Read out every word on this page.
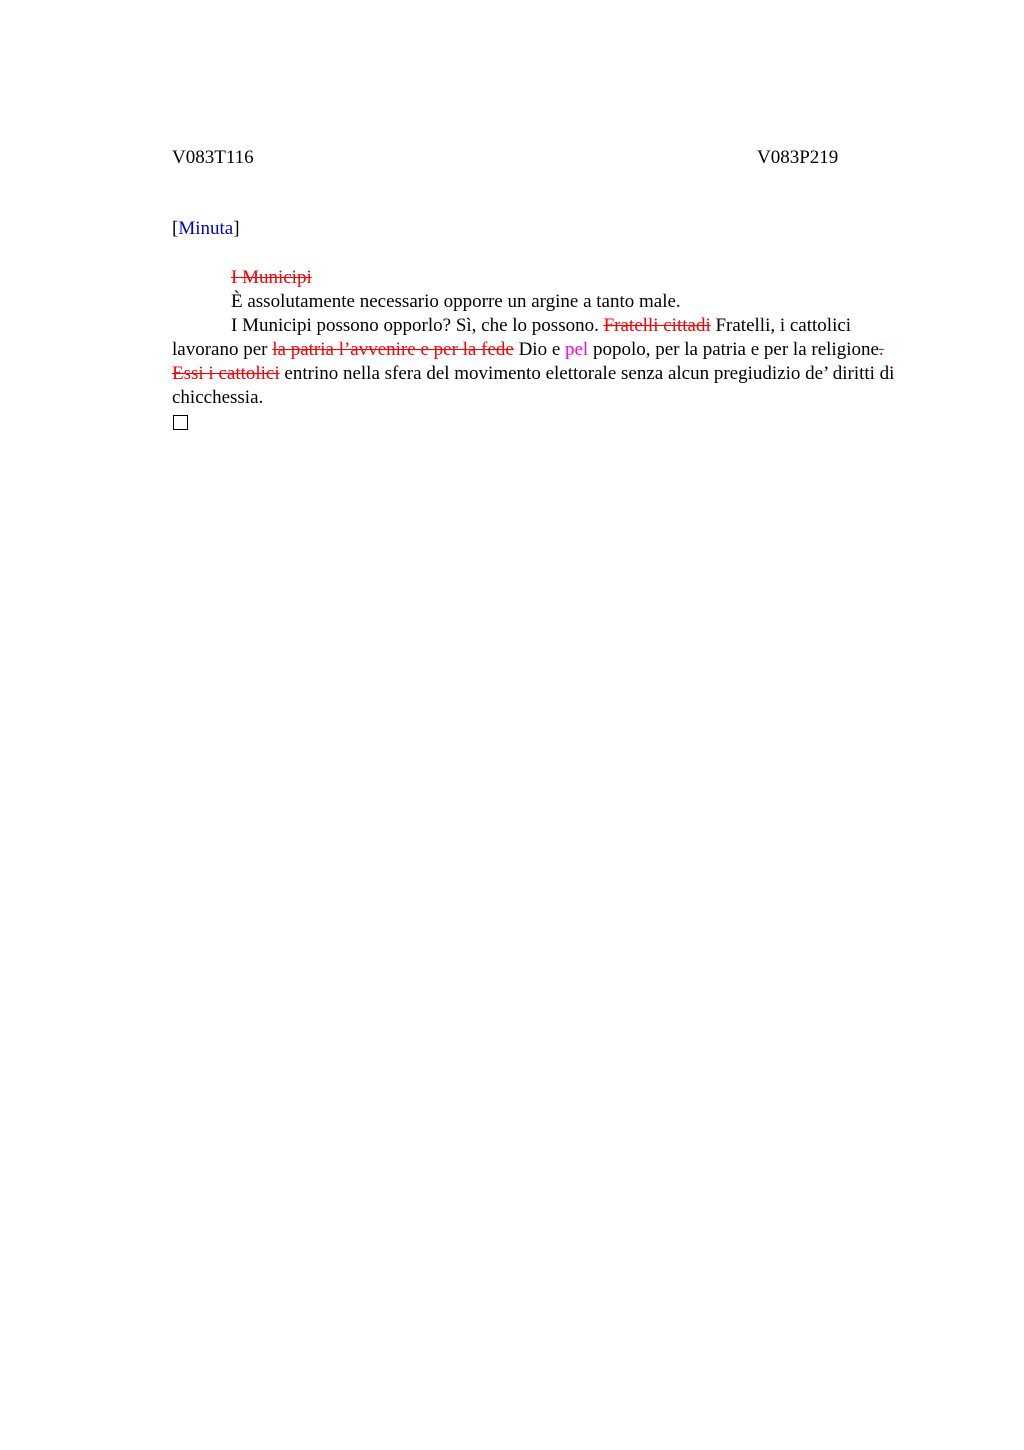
V083T116	V083P219
[Minuta]

I Municipi

È assolutamente necessario opporre un argine a tanto male.

I Municipi possono opporlo? Sì, che lo possono. Fratelli cittadi Fratelli, i cattolici lavorano per la patria l’avvenire e per la fede Dio e pel popolo, per la patria e per la religione. Essi i cattolici entrino nella sfera del movimento elettorale senza alcun pregiudizio de’ diritti di chicchessia.
